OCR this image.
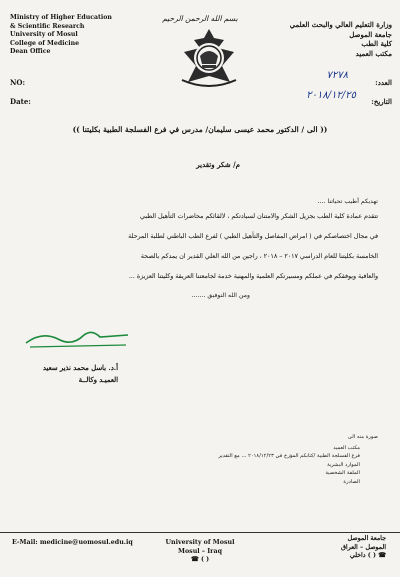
Ministry of Higher Education
& Scientific Research
University of Mosul
College of Medicine
Dean Office
NO:
Date:
بسم الله الرحمن الرحيم
وزارة التعليم العالي والبحث العلمي
جامعة الموصل
كلية الطب
مكتب العميد
العدد:
٧٢٧٨
التاريخ:
٢٠١٨/١٢/٢٥
(( الى / الدكتور محمد عيسى سليمان/ مدرس في فرع الفسلجة الطبية بكليتنا ))
م/ شكر وتقدير
تهديكم أطيب تحياتنا ....
تتقدم عمادة كلية الطب بجزيل الشكر والامتنان لسيادتكم ، لالقائكم محاضرات التأهيل الطبي
في مجال اختصاصكم في ( امراض المفاصل والتأهيل الطبي ) لفرع الطب الباطني لطلبة المرحلة
الخامسة بكليتنا للعام الدراسي ٢٠١٧ – ٢٠١٨ ، راجين من الله العلي القدير ان يمدكم بالصحة
والعافية ويوفقكم في عملكم ومسيرتكم العلمية والمهنية خدمة لجامعتنا العريقة وكليتنا العزيزة ...
ومن الله التوفيق .......
أ.د. باسل محمد نذير سعيد
العميـد وكالــة
صورة منه الى
مكتب العميد
فرع الفسلجة الطبية /كتابكم المؤرخ في ٢٠١٨/١٢/٢٣ ... مع التقدير
الموارد البشرية
الملفة الشخصية
الصادرة
E-Mail: medicine@uomosul.edu.iq	University of Mosul
Mosul – Iraq
☎ ( )
جامعة الموصل
الموصل – العراق
☎ ( ) داخلي
